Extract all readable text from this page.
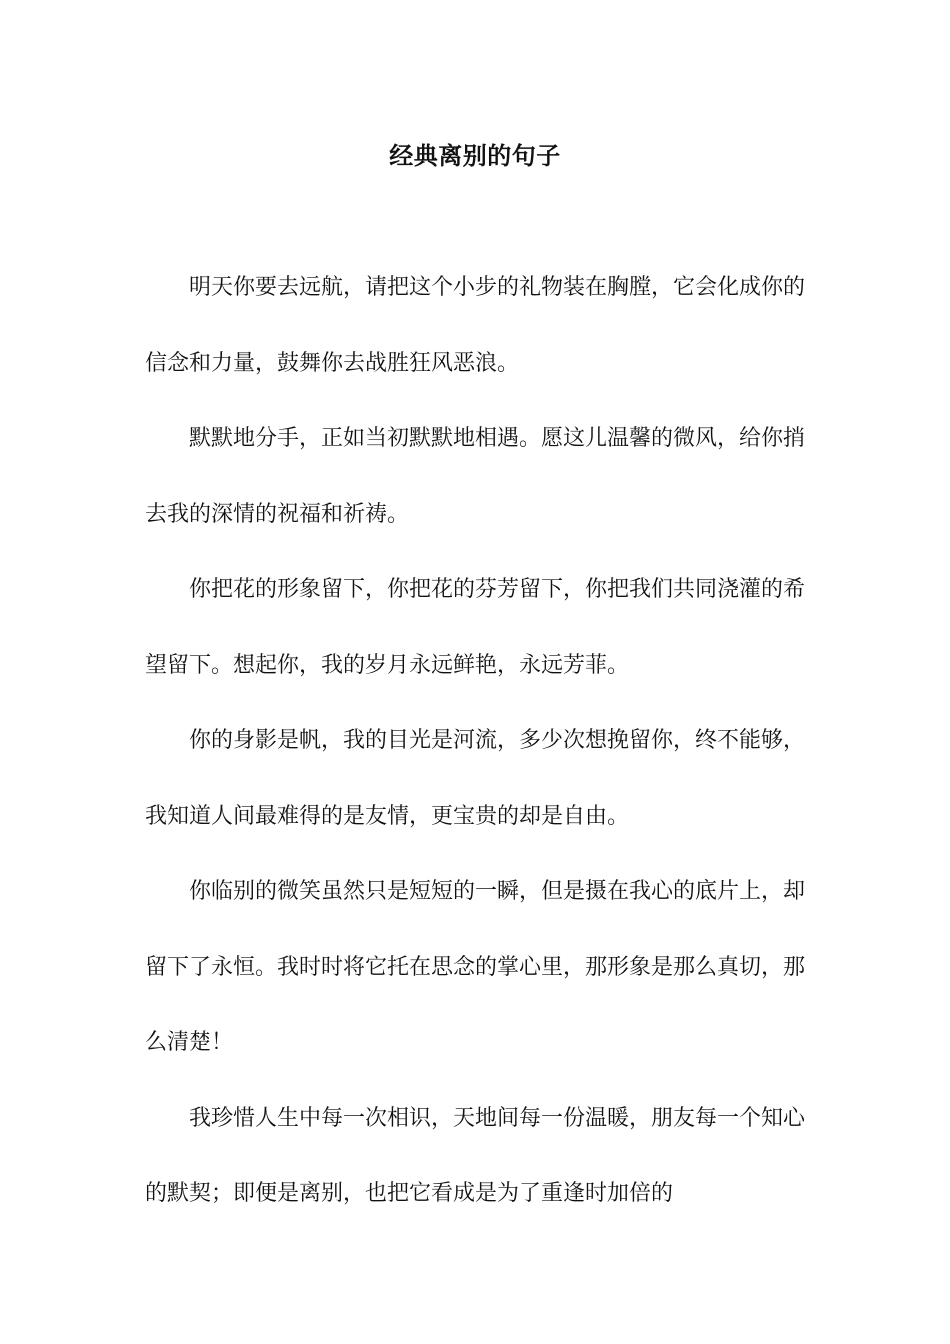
经典离别的句子

明天你要去远航，请把这个小步的礼物装在胸膛，它会化成你的信念和力量，鼓舞你去战胜狂风恶浪。

默默地分手，正如当初默默地相遇。愿这儿温馨的微风，给你捎去我的深情的祝福和祈祷。

你把花的形象留下，你把花的芬芳留下，你把我们共同浇灌的希望留下。想起你，我的岁月永远鲜艳，永远芳菲。

你的身影是帆，我的目光是河流，多少次想挽留你，终不能够，我知道人间最难得的是友情，更宝贵的却是自由。

你临别的微笑虽然只是短短的一瞬，但是摄在我心的底片上，却留下了永恒。我时时将它托在思念的掌心里，那形象是那么真切，那么清楚！

我珍惜人生中每一次相识，天地间每一份温暖，朋友每一个知心的默契；即便是离别，也把它看成是为了重逢时加倍的
